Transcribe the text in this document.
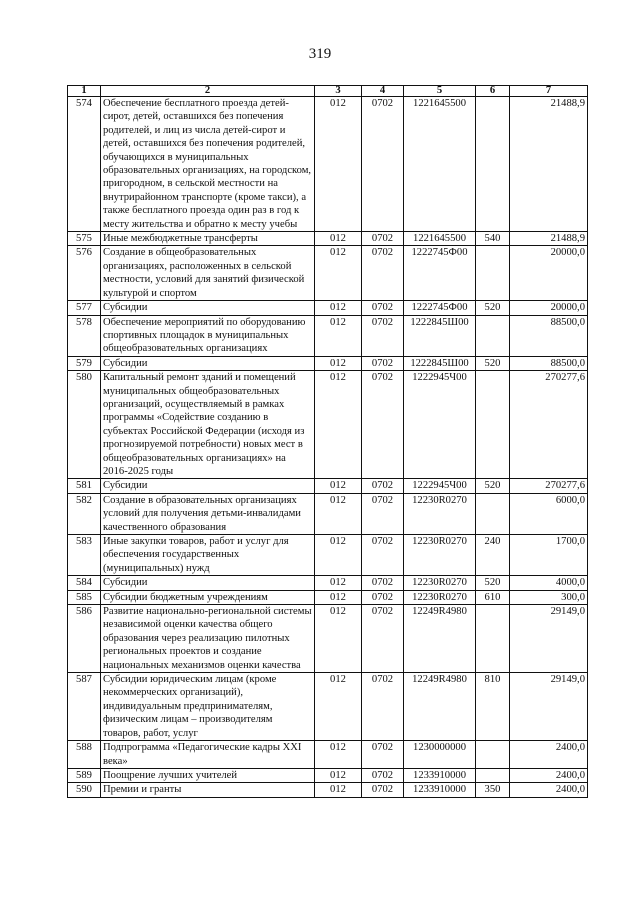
319
1	2	3	4	5	6	7
574	Обеспечение бесплатного проезда детей-сирот, детей, оставшихся без попечения родителей, и лиц из числа детей-сирот и детей, оставшихся без попечения родителей, обучающихся в муниципальных образовательных организациях, на городском, пригородном, в сельской местности на внутрирайонном транспорте (кроме такси), а также бесплатного проезда один раз в год к месту жительства и обратно к месту учебы	012	0702	1221645500		21488,9
575	Иные межбюджетные трансферты	012	0702	1221645500	540	21488,9
576	Создание в общеобразовательных организациях, расположенных в сельской местности, условий для занятий физической культурой и спортом	012	0702	1222745Ф00		20000,0
577	Субсидии	012	0702	1222745Ф00	520	20000,0
578	Обеспечение мероприятий по оборудованию спортивных площадок в муниципальных общеобразовательных организациях	012	0702	1222845Ш00		88500,0
579	Субсидии	012	0702	1222845Ш00	520	88500,0
580	Капитальный ремонт зданий и помещений муниципальных общеобразовательных организаций, осуществляемый в рамках программы «Содействие созданию в субъектах Российской Федерации (исходя из прогнозируемой потребности) новых мест в общеобразовательных организациях» на 2016-2025 годы	012	0702	1222945Ч00		270277,6
581	Субсидии	012	0702	1222945Ч00	520	270277,6
582	Создание в образовательных организациях условий для получения детьми-инвалидами качественного образования	012	0702	12230R0270		6000,0
583	Иные закупки товаров, работ и услуг для обеспечения государственных (муниципальных) нужд	012	0702	12230R0270	240	1700,0
584	Субсидии	012	0702	12230R0270	520	4000,0
585	Субсидии бюджетным учреждениям	012	0702	12230R0270	610	300,0
586	Развитие национально-региональной системы независимой оценки качества общего образования через реализацию пилотных региональных проектов и создание национальных механизмов оценки качества	012	0702	12249R4980		29149,0
587	Субсидии юридическим лицам (кроме некоммерческих организаций), индивидуальным предпринимателям, физическим лицам – производителям товаров, работ, услуг	012	0702	12249R4980	810	29149,0
588	Подпрограмма «Педагогические кадры XXI века»	012	0702	1230000000		2400,0
589	Поощрение лучших учителей	012	0702	1233910000		2400,0
590	Премии и гранты	012	0702	1233910000	350	2400,0
